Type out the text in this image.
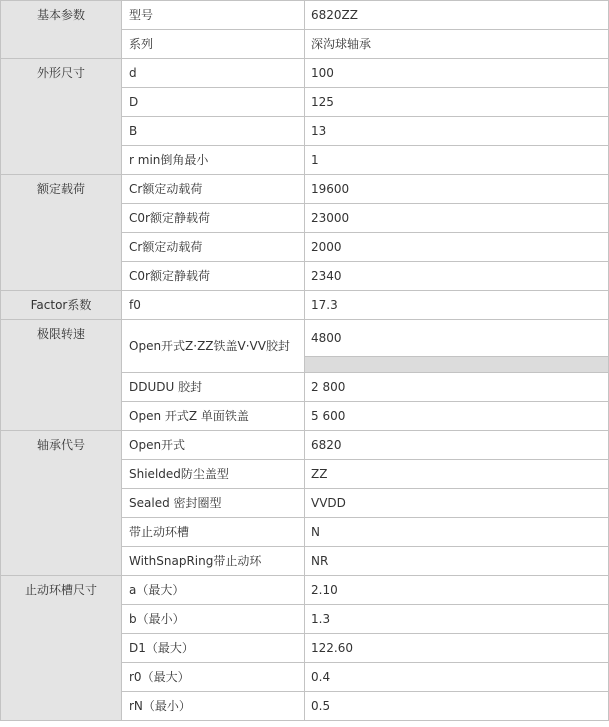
基本参数	型号	6820ZZ
	系列	深沟球轴承
外形尺寸	d	100
	D	125
	B	13
	r min倒角最小	1
额定载荷	Cr额定动载荷	19600
	C0r额定静载荷	23000
	Cr额定动载荷	2000
	C0r额定静载荷	2340
Factor系数	f0	17.3
极限转速	Open开式Z·ZZ铁盖V·VV胶封	4800

	DDUDU 胶封	2 800
	Open 开式Z 单面铁盖	5 600
轴承代号	Open开式	6820
	Shielded防尘盖型	ZZ
	Sealed 密封圈型	VVDD
	带止动环槽	N
	WithSnapRing带止动环	NR
止动环槽尺寸	a（最大）	2.10
	b（最小）	1.3
	D1（最大）	122.60
	r0（最大）	0.4
	rN（最小）	0.5
